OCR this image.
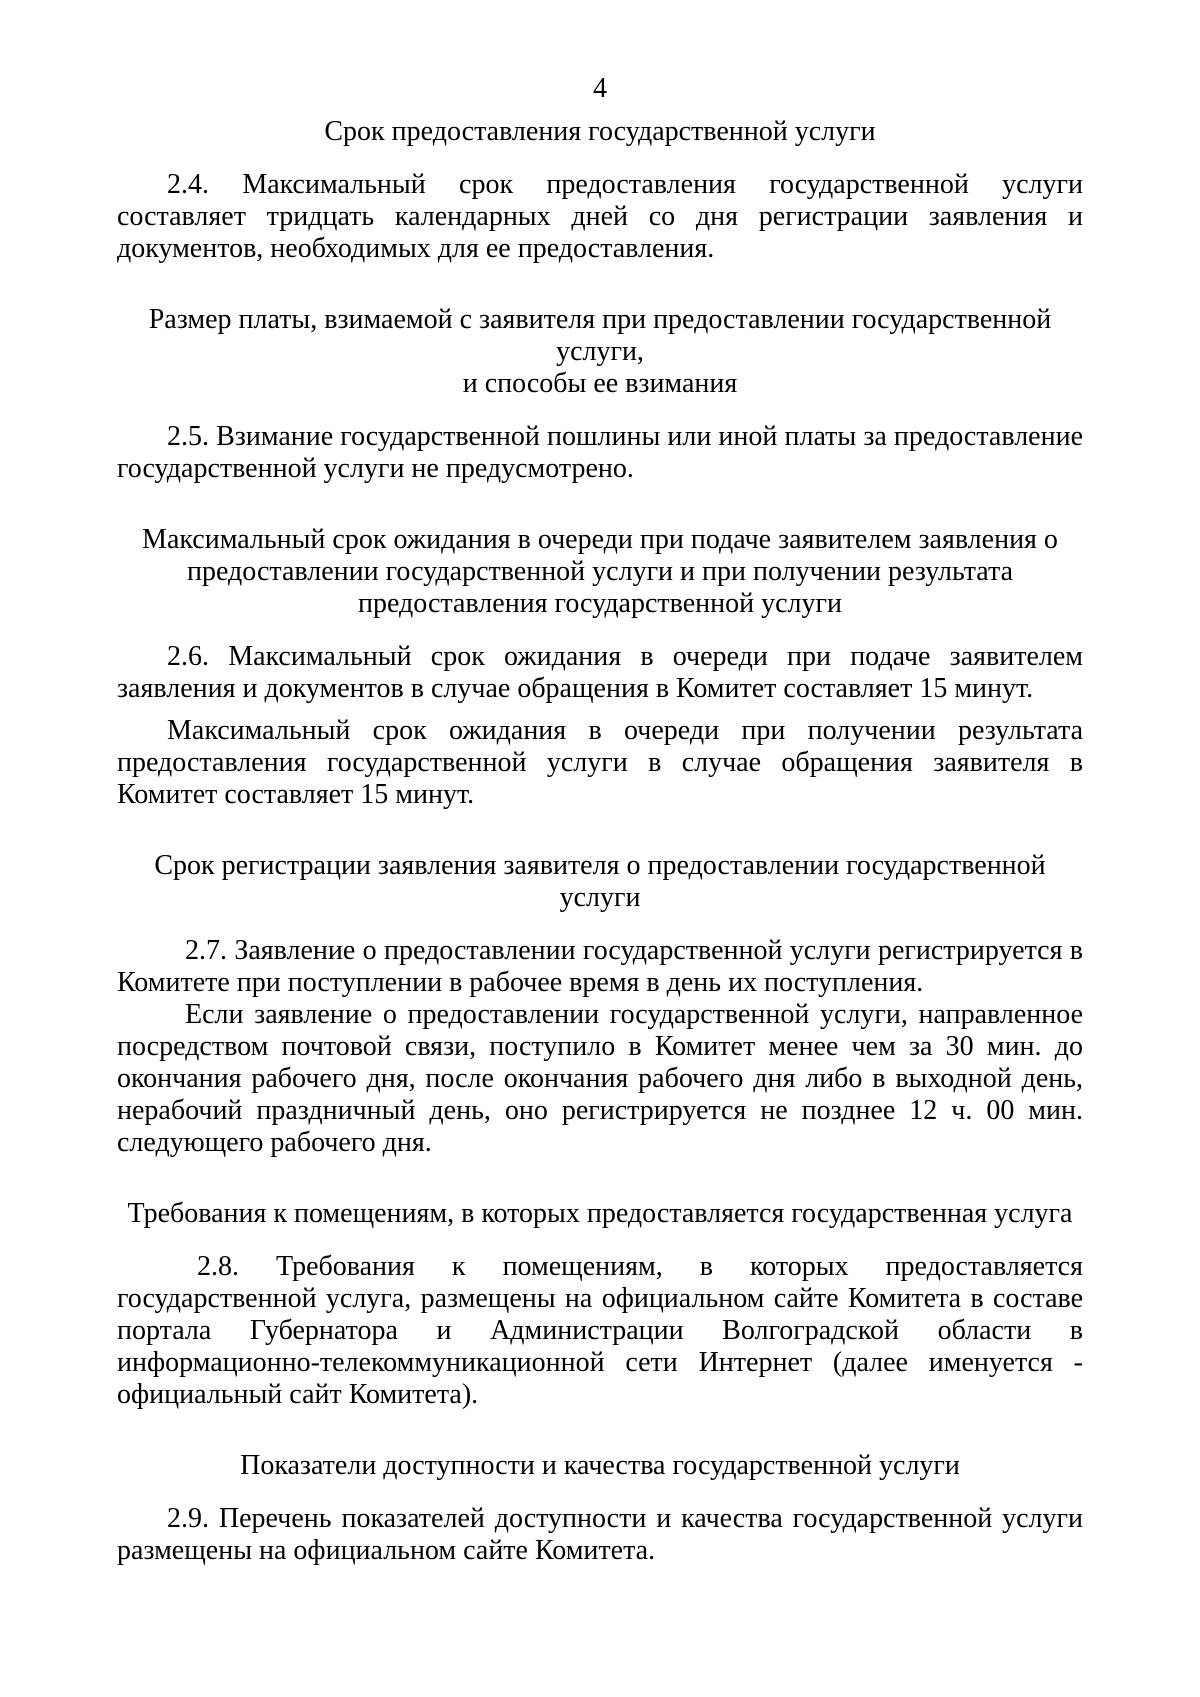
4
Срок предоставления государственной услуги

2.4. Максимальный срок предоставления государственной услуги составляет тридцать календарных дней со дня регистрации заявления и документов, необходимых для ее предоставления.

Размер платы, взимаемой с заявителя при предоставлении государственной услуги,
и способы ее взимания

2.5. Взимание государственной пошлины или иной платы за предоставление государственной услуги не предусмотрено.

Максимальный срок ожидания в очереди при подаче заявителем заявления о
предоставлении государственной услуги и при получении результата
предоставления государственной услуги

2.6. Максимальный срок ожидания в очереди при подаче заявителем заявления и документов в случае обращения в Комитет составляет 15 минут.

Максимальный срок ожидания в очереди при получении результата предоставления государственной услуги в случае обращения заявителя в Комитет составляет 15 минут.

Срок регистрации заявления заявителя о предоставлении государственной услуги

2.7. Заявление о предоставлении государственной услуги регистрируется в Комитете при поступлении в рабочее время в день их поступления.

Если заявление о предоставлении государственной услуги, направленное посредством почтовой связи, поступило в Комитет менее чем за 30 мин. до окончания рабочего дня, после окончания рабочего дня либо в выходной день, нерабочий праздничный день, оно регистрируется не позднее 12 ч. 00 мин. следующего рабочего дня.

Требования к помещениям, в которых предоставляется государственная услуга

2.8. Требования к помещениям, в которых предоставляется государственной услуга, размещены на официальном сайте Комитета в составе портала Губернатора и Администрации Волгоградской области в информационно-телекоммуникационной сети Интернет (далее именуется - официальный сайт Комитета).

Показатели доступности и качества государственной услуги

2.9. Перечень показателей доступности и качества государственной услуги размещены на официальном сайте Комитета.
